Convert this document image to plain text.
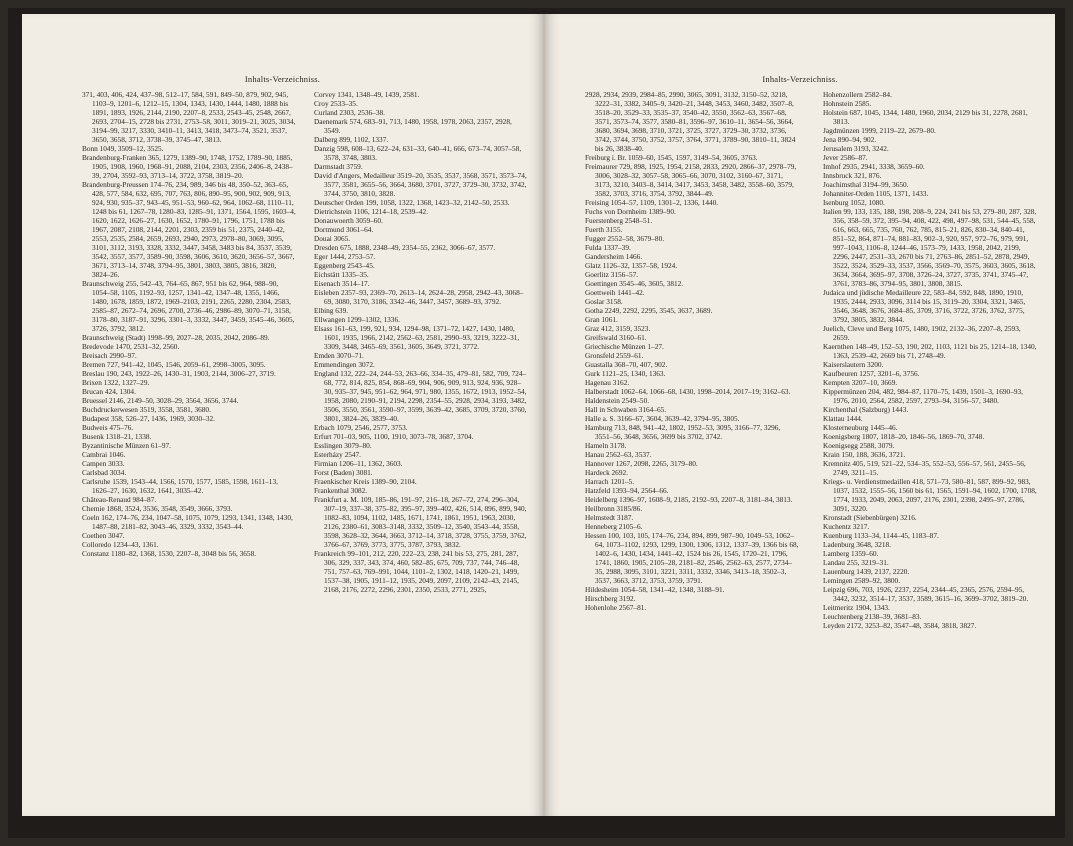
Inhalts-Verzeichniss.

371, 403, 406, 424, 437–98, 512–17, 584, 591, 849–50, 879, 902, 945, 1103–9, 1201–6, 1212–15, 1304, 1343, 1430, 1444, 1480, 1888 bis 1891, 1893, 1926, 2144, 2190, 2207–8, 2533, 2543–45, 2548, 2667, 2693, 2704–15, 2728 bis 2731, 2753–58, 3011, 3019–21, 3025, 3034, 3194–99, 3217, 3330, 3410–11, 3413, 3418, 3473–74, 3521, 3537, 3650, 3658, 3712, 3738–39, 3745–47, 3813.

Bonn 1049, 3509–12, 3525.

Brandenburg-Franken 365, 1279, 1389–90, 1748, 1752, 1789–90, 1885, 1905, 1908, 1960, 1968–91, 2088, 2104, 2303, 2356, 2406–8, 2438–39, 2704, 3592–93, 3713–14, 3722, 3758, 3819–20.

Brandenburg-Preussen 174–76, 234, 989, 346 bis 48, 350–52, 363–65, 428, 577, 584, 632, 695, 707, 763, 806, 890–95, 900, 902, 909, 913, 924, 930, 935–37, 943–45, 951–53, 960–62, 964, 1062–68, 1110–11, 1248 bis 61, 1267–78, 1280–83, 1285–91, 1371, 1564, 1595, 1603–4, 1620, 1622, 1626–27, 1630, 1652, 1780–91, 1796, 1751, 1788 bis 1967, 2087, 2108, 2144, 2201, 2303, 2359 bis 51, 2375, 2440–42, 2553, 2535, 2584, 2659, 2693, 2940, 2973, 2978–80, 3069, 3095, 3101, 3112, 3193, 3328, 3332, 3447, 3458, 3483 bis 84, 3537, 3539, 3542, 3557, 3577, 3589–90, 3598, 3606, 3610, 3620, 3656–57, 3667, 3671, 3713–14, 3748, 3794–95, 3801, 3803, 3805, 3816, 3820, 3824–26.

Braunschweig 255, 542–43, 764–65, 867, 951 bis 62, 964, 988–90, 1054–58, 1105, 1192–93, 1257, 1341–42, 1347–48, 1355, 1466, 1480, 1678, 1859, 1872, 1969–2103, 2191, 2265, 2280, 2304, 2583, 2585–87, 2672–74, 2696, 2700, 2736–46, 2986–89, 3070–71, 3158, 3178–80, 3187–91, 3296, 3301–3, 3332, 3447, 3459, 3545–46, 3605, 3726, 3792, 3812.

Braunschweig (Stadt) 1998–99, 2027–28, 2035, 2042, 2086–89.

Bredevode 1470, 2531–32, 2560.

Breisach 2990–97.

Bremen 727, 941–42, 1045, 1546, 2059–61, 2998–3005, 3095.

Breslau 190, 243, 1922–26, 1430–31, 1903, 2144, 3006–27, 3719.

Brixen 1322, 1327–29.

Brucan 424, 1304.

Bruessel 2146, 2149–50, 3028–29, 3564, 3656, 3744.

Buchdruckerwesen 3519, 3558, 3581, 3680.

Budapest 358, 526–27, 1436, 1969, 3030–32.

Budweis 475–76.

Busenk 1318–21, 1338.

Byzantinische Münzen 61–97.

Cambrai 1046.

Campen 3033.

Carlsbad 3034.

Carlsruhe 1539, 1543–44, 1566, 1570, 1577, 1585, 1598, 1611–13, 1626–27, 1630, 1632, 1641, 3035–42.

Château-Renaud 984–87.

Chemie 1868, 3524, 3536, 3548, 3549, 3666, 3793.

Coeln 162, 174–76, 234, 1047–58, 1075, 1079, 1293, 1341, 1348, 1430, 1487–88, 2181–82, 3043–46, 3329, 3332, 3543–44.

Coethen 3047.

Colloredo 1234–43, 1361.

Constanz 1180–82, 1368, 1530, 2207–8, 3048 bis 56, 3658.

Corvey 1341, 1348–49, 1439, 2581.

Croy 2533–35.

Curland 2303, 2536–38.

Daenemark 574, 683–91, 713, 1480, 1958, 1978, 2063, 2357, 2928, 3549.

Dalberg 899, 1102, 1337.

Danzig 598, 608–13, 622–24, 631–33, 640–41, 666, 673–74, 3057–58, 3578, 3748, 3803.

Darmstadt 3759.

David d'Angers, Medailleur 3519–20, 3535, 3537, 3568, 3571, 3573–74, 3577, 3581, 3655–56, 3664, 3680, 3701, 3727, 3729–30, 3732, 3742, 3744, 3750, 3810, 3828.

Deutscher Orden 199, 1058, 1322, 1368, 1423–32, 2142–50, 2533.

Dietrichstein 1106, 1214–18, 2539–42.

Donauwoerth 3059–60.

Dortmund 3061–64.

Douai 3065.

Dresden 675, 1888, 2348–49, 2354–55, 2362, 3066–67, 3577.

Eger 1444, 2753–57.

Eggenberg 2543–45.

Eichstätt 1335–35.

Eisenach 3514–17.

Eisleben 2357–93, 2369–70, 2613–14, 2624–28, 2958, 2942–43, 3068–69, 3080, 3170, 3186, 3342–46, 3447, 3457, 3689–93, 3792.

Elbing 639.

Ellwangen 1299–1302, 1336.

Elsass 161–63, 199, 921, 934, 1294–98, 1371–72, 1427, 1430, 1480, 1601, 1935, 1966, 2142, 2562–63, 2581, 2990–93, 3219, 3222–31, 3309, 3448, 3465–69, 3561, 3605, 3649, 3721, 3772.

Emden 3070–71.

Emmendingen 3072.

England 132, 222–24, 244–53, 263–66, 334–35, 479–81, 582, 709, 724–68, 772, 814, 825, 854, 868–69, 904, 906, 909, 913, 924, 936, 928–30, 935–37, 945, 951–62, 964, 971, 980, 1355, 1672, 1913, 1952–54, 1958, 2080, 2190–91, 2194, 2298, 2354–55, 2928, 2934, 3193, 3482, 3506, 3550, 3561, 3590–97, 3599, 3639–42, 3685, 3709, 3720, 3760, 3801, 3824–26, 3839–40.

Erbach 1079, 2546, 2577, 3753.

Erfurt 701–03, 905, 1100, 1910, 3073–78, 3687, 3704.

Esslingen 3079–80.

Esterházy 2547.

Firmian 1206–11, 1362, 3603.

Forst (Baden) 3081.

Fraenkischer Kreis 1389–90, 2104.

Frankenthal 3082.

Frankfurt a. M. 109, 185–86, 191–97, 216–18, 267–72, 274, 296–304, 307–19, 337–38, 375–82, 395–97, 399–402, 426, 514, 896, 899, 940, 1082–83, 1094, 1102, 1485, 1671, 1741, 1861, 1951, 1963, 2030, 2126, 2380–61, 3083–3148, 3332, 3509–12, 3540, 3543–44, 3558, 3598, 3628–32, 3644, 3663, 3712–14, 3718, 3728, 3755, 3759, 3762, 3766–67, 3769, 3773, 3775, 3787, 3793, 3832.

Frankreich 99–101, 212, 220, 222–23, 238, 241 bis 53, 275, 281, 287, 306, 329, 337, 343, 374, 460, 582–85, 675, 709, 737, 744, 746–48, 751, 757–63, 769–991, 1044, 1101–2, 1302, 1418, 1420–21, 1499, 1537–38, 1905, 1911–12, 1935, 2049, 2097, 2109, 2142–43, 2145, 2168, 2176, 2272, 2296, 2301, 2350, 2533, 2771, 2925,

Inhalts-Verzeichniss.

2928, 2934, 2939, 2984–85, 2990, 3065, 3091, 3132, 3150–52, 3218, 3222–31, 3382, 3405–9, 3420–21, 3448, 3453, 3460, 3482, 3507–8, 3518–20, 3529–33, 3535–37, 3540–42, 3550, 3562–63, 3567–68, 3571, 3573–74, 3577, 3580–81, 3596–97, 3610–11, 3654–56, 3664, 3680, 3694, 3698, 3710, 3721, 3725, 3727, 3729–30, 3732, 3736, 3742, 3744, 3750, 3752, 3757, 3764, 3771, 3789–90, 3810–11, 3824 bis 26, 3838–40.

Freiburg i. Br. 1059–60, 1545, 1597, 3149–54, 3605, 3763.

Freimaurer 729, 898, 1925, 1954, 2158, 2833, 2920, 2866–37, 2978–79, 3006, 3028–32, 3057–58, 3065–66, 3070, 3102, 3160–67, 3171, 3173, 3210, 3403–8, 3414, 3417, 3453, 3458, 3482, 3558–60, 3579, 3582, 3703, 3716, 3754, 3792, 3844–49.

Freising 1054–57, 1109, 1301–2, 1336, 1440.

Fuchs von Dornheim 1389–90.

Fuerstenberg 2548–51.

Fuerth 3155.

Fugger 2552–58, 3679–80.

Fulda 1337–39.

Gandersheim 1466.

Glatz 1126–32, 1357–58, 1924.

Goerlitz 3156–57.

Goettingen 3545–46, 3605, 3812.

Goettweih 1441–42.

Goslar 3158.

Gotha 2249, 2292, 2295, 3545, 3637, 3689.

Gran 1061.

Graz 412, 3159, 3523.

Greifswald 3160–61.

Griechische Münzen 1–27.

Gronsfeld 2559–61.

Guastalla 368–70, 407, 902.

Gurk 1121–25, 1340, 1363.

Hagenau 3162.

Halberstadt 1062–64, 1066–68, 1430, 1998–2014, 2017–19; 3162–63.

Haldenstein 2549–50.

Hall in Schwaben 3164–65.

Halle a. S. 3166–67, 3604, 3639–42, 3794–95, 3805.

Hamburg 713, 848, 941–42, 1802, 1952–53, 3095, 3166–77, 3296, 3551–56, 3648, 3656, 3699 bis 3702, 3742.

Hameln 3178.

Hanau 2562–63, 3537.

Hannover 1267, 2098, 2265, 3179–80.

Hardeck 2692.

Harrach 1201–5.

Hatzfeld 1393–94, 2564–66.

Heidelberg 1396–97, 1608–9, 2185, 2192–93, 2207–8, 3181–84, 3813.

Heilbronn 3185/86.

Helmstedt 3187.

Henneberg 2105–6.

Hessen 100, 103, 105, 174–76, 234, 894, 899, 987–90, 1049–53, 1062–64, 1073–1102, 1293, 1299, 1300, 1306, 1312, 1337–39, 1366 bis 68, 1402–6, 1430, 1434, 1441–42, 1524 bis 26, 1545, 1720–21, 1796, 1741, 1860, 1905, 2105–28, 2181–82, 2546, 2562–63, 2577, 2734–35, 2988, 3095, 3101, 3221, 3311, 3332, 3346, 3413–18, 3502–3, 3537, 3663, 3712, 3753, 3759, 3791.

Hildesheim 1054–58, 1341–42, 1348, 3188–91.

Hirschberg 3192.

Hohenlohe 2567–81.

Hohenzollern 2582–84.

Hohnstein 2585.

Holstein 687, 1045, 1344, 1480, 1960, 2034, 2129 bis 31, 2278, 2681, 3813.

Jagdmünzen 1999, 2119–22, 2679–80.

Jena 890–94, 902.

Jerusalem 3193, 3242.

Jever 2586–87.

Imhof 2935, 2941, 3338, 3659–60.

Innsbruck 321, 876.

Joachimsthal 3194–99, 3650.

Johanniter-Orden 1105, 1371, 1433.

Isenburg 1052, 1080.

Italien 99, 133, 135, 188, 198, 208–9, 224, 241 bis 53, 279–80, 287, 328, 356, 358–59, 372, 395–94, 408, 422, 498, 497–98, 531, 544–45, 558, 616, 663, 665, 735, 760, 762, 785, 815–21, 826, 830–34, 840–41, 851–52, 864, 871–74, 881–83, 902–3, 920, 957, 972–76, 979, 991, 997–1043, 1106–8, 1244–46, 1573–79, 1433, 1958, 2042, 2199, 2296, 2447, 2531–33, 2670 bis 71, 2763–86, 2851–52, 2878, 2949, 3522, 3524, 3529–33, 3537, 3566, 3569–70, 3575, 3603, 3605, 3618, 3634, 3664, 3695–97, 3708, 3726–24, 3727, 3735, 3741, 3745–47, 3761, 3783–86, 3794–95, 3801, 3808, 3815.

Judaica und jüdische Medailleure 22, 583–84, 592, 848, 1890, 1910, 1935, 2444, 2933, 3096, 3114 bis 15, 3119–20, 3304, 3321, 3465, 3546, 3648, 3676, 3684–85, 3709, 3716, 3722, 3726, 3762, 3775, 3792, 3805, 3832, 3844.

Juelich, Cleve und Berg 1075, 1480, 1902, 2132–36, 2207–8, 2593, 2659.

Kaernthen 148–49, 152–53, 190, 202, 1103, 1121 bis 25, 1214–18, 1340, 1363, 2539–42, 2669 bis 71, 2748–49.

Kaiserslautern 3200.

Kaufbeuren 1257, 3201–6, 3756.

Kempten 3207–10, 3669.

Kippermünzen 204, 482, 984–87, 1170–75, 1439, 1501–3, 1690–93, 1976, 2010, 2564, 2582, 2597, 2793–94, 3156–57, 3480.

Kirchenthal (Salzburg) 1443.

Klattau 1444.

Klosterneuburg 1445–46.

Koenigsberg 1807, 1818–20, 1846–56, 1869–70, 3748.

Koenigsegg 2588, 3079.

Krain 150, 188, 3636, 3721.

Kremnitz 405, 519, 521–22, 534–35, 552–53, 556–57, 561, 2455–56, 2749, 3211–15.

Kriegs- u. Verdienstmedaillen 418, 571–73, 580–81, 587, 899–92, 983, 1037, 1532, 1555–56, 1560 bis 61, 1565, 1591–94, 1602, 1700, 1708, 1774, 1933, 2049, 2063, 2097, 2176, 2301, 2398, 2495–97, 2786, 3091, 3220.

Kronstadt (Siebenbürgen) 3216.

Kuchentz 3217.

Kuenburg 1133–34, 1144–45, 1183–87.

Ladenburg 3648, 3218.

Lamberg 1359–60.

Landau 255, 3219–31.

Lauenburg 1439, 2137, 2220.

Lemingen 2589–92, 3800.

Leipzig 696, 703, 1926, 2237, 2254, 2344–45, 2365, 2576, 2594–95, 3442, 3232, 3514–17, 3537, 3589, 3615–16, 3699–3702, 3819–20.

Leitmeritz 1904, 1343.

Leuchtenberg 2138–39, 3681–83.

Leyden 2172, 3253–82, 3547–48, 3584, 3818, 3827.
